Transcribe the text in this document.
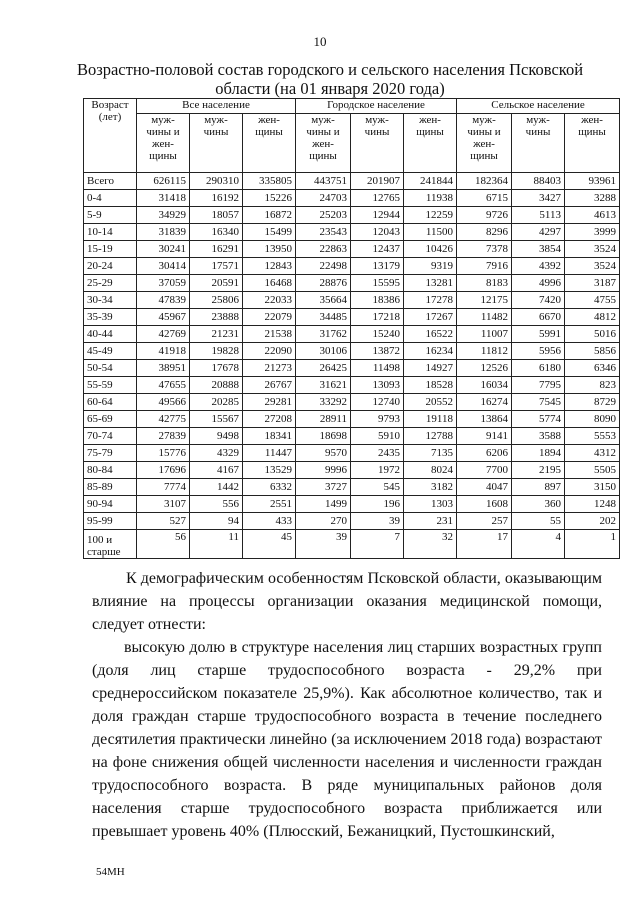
10
Возрастно-половой состав городского и сельского населения Псковской области (на 01 января 2020 года)
Возраст (лет)	Все население			Городское население			Сельское население		
	муж-чины и жен-щины	муж-чины	жен-щины	муж-чины и жен-щины	муж-чины	жен-щины	муж-чины и жен-щины	муж-чины	жен-щины
Всего	626115	290310	335805	443751	201907	241844	182364	88403	93961
0-4	31418	16192	15226	24703	12765	11938	6715	3427	3288
5-9	34929	18057	16872	25203	12944	12259	9726	5113	4613
10-14	31839	16340	15499	23543	12043	11500	8296	4297	3999
15-19	30241	16291	13950	22863	12437	10426	7378	3854	3524
20-24	30414	17571	12843	22498	13179	9319	7916	4392	3524
25-29	37059	20591	16468	28876	15595	13281	8183	4996	3187
30-34	47839	25806	22033	35664	18386	17278	12175	7420	4755
35-39	45967	23888	22079	34485	17218	17267	11482	6670	4812
40-44	42769	21231	21538	31762	15240	16522	11007	5991	5016
45-49	41918	19828	22090	30106	13872	16234	11812	5956	5856
50-54	38951	17678	21273	26425	11498	14927	12526	6180	6346
55-59	47655	20888	26767	31621	13093	18528	16034	7795	823
60-64	49566	20285	29281	33292	12740	20552	16274	7545	8729
65-69	42775	15567	27208	28911	9793	19118	13864	5774	8090
70-74	27839	9498	18341	18698	5910	12788	9141	3588	5553
75-79	15776	4329	11447	9570	2435	7135	6206	1894	4312
80-84	17696	4167	13529	9996	1972	8024	7700	2195	5505
85-89	7774	1442	6332	3727	545	3182	4047	897	3150
90-94	3107	556	2551	1499	196	1303	1608	360	1248
95-99	527	94	433	270	39	231	257	55	202
100 и старше	56	11	45	39	7	32	17	4	1
К демографическим особенностям Псковской области, оказывающим влияние на процессы организации оказания медицинской помощи, следует отнести:
высокую долю в структуре населения лиц старших возрастных групп (доля лиц старше трудоспособного возраста - 29,2% при среднероссийском показателе 25,9%). Как абсолютное количество, так и доля граждан старше трудоспособного возраста в течение последнего десятилетия практически линейно (за исключением 2018 года) возрастают на фоне снижения общей численности населения и численности граждан трудоспособного возраста. В ряде муниципальных районов доля населения старше трудоспособного возраста приближается или превышает уровень 40% (Плюсский, Бежаницкий, Пустошкинский,
54МН
